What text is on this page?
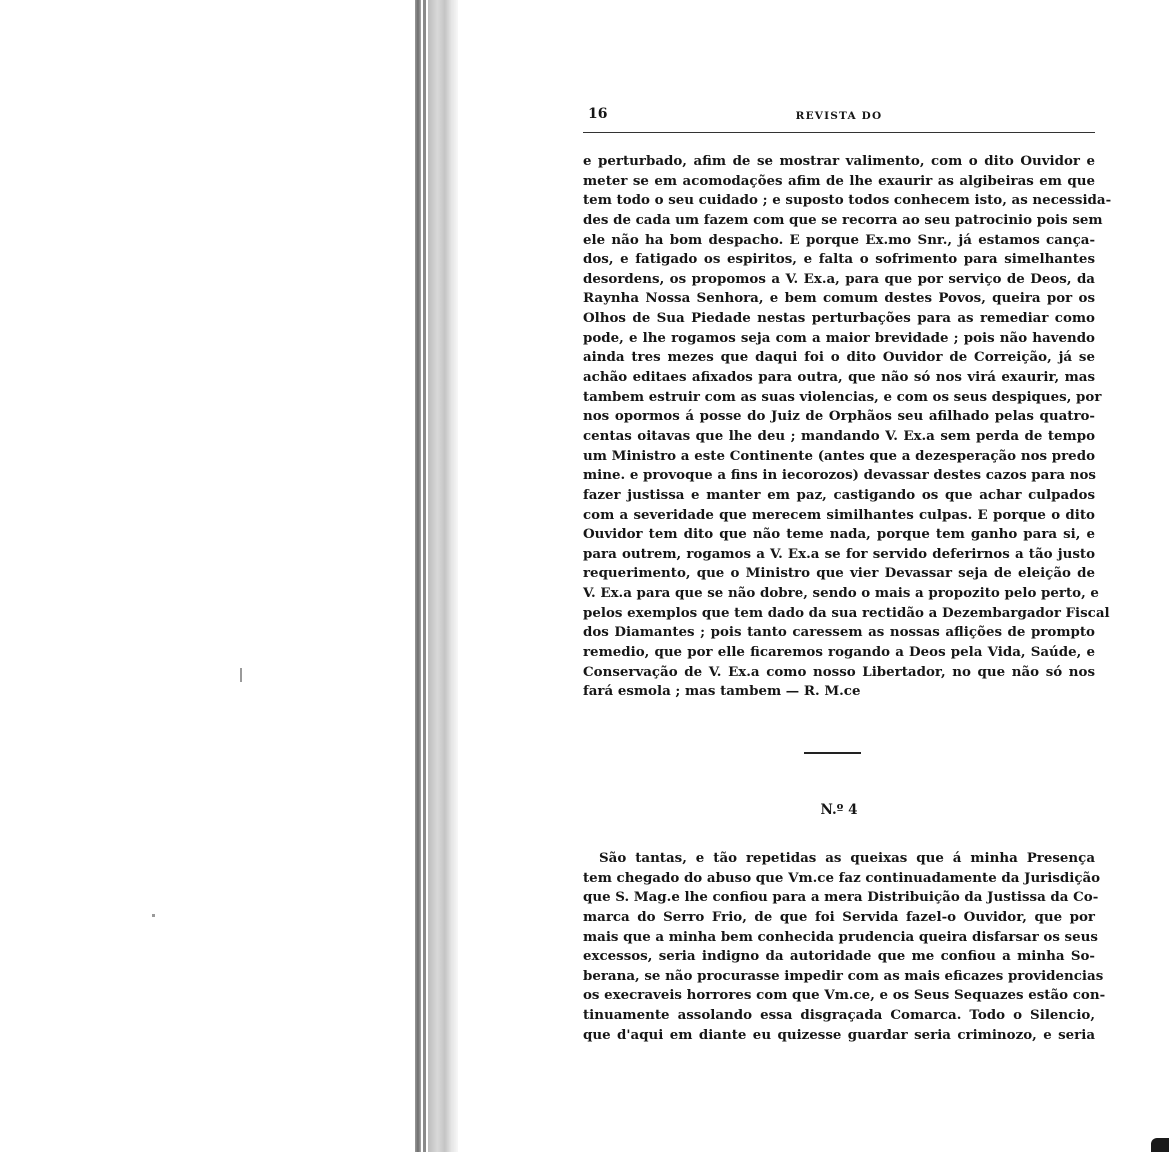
16	REVISTA DO
e perturbado, afim de se mostrar valimento, com o dito Ouvidor e
meter se em acomodações afim de lhe exaurir as algibeiras em que
tem todo o seu cuidado ; e suposto todos conhecem isto, as necessida-
des de cada um fazem com que se recorra ao seu patrocinio pois sem
ele não ha bom despacho. E porque Ex.mo Snr., já estamos cança-
dos, e fatigado os espiritos, e falta o sofrimento para simelhantes
desordens, os propomos a V. Ex.a, para que por serviço de Deos, da
Raynha Nossa Senhora, e bem comum destes Povos, queira por os
Olhos de Sua Piedade nestas perturbações para as remediar como
pode, e lhe rogamos seja com a maior brevidade ; pois não havendo
ainda tres mezes que daqui foi o dito Ouvidor de Correição, já se
achão editaes afixados para outra, que não só nos virá exaurir, mas
tambem estruir com as suas violencias, e com os seus despiques, por
nos opormos á posse do Juiz de Orphãos seu afilhado pelas quatro-
centas oitavas que lhe deu ; mandando V. Ex.a sem perda de tempo
um Ministro a este Continente (antes que a dezesperação nos predo
mine. e provoque a fins in iecorozos) devassar destes cazos para nos
fazer justissa e manter em paz, castigando os que achar culpados
com a severidade que merecem similhantes culpas. E porque o dito
Ouvidor tem dito que não teme nada, porque tem ganho para si, e
para outrem, rogamos a V. Ex.a se for servido deferirnos a tão justo
requerimento, que o Ministro que vier Devassar seja de eleição de
V. Ex.a para que se não dobre, sendo o mais a propozito pelo perto, e
pelos exemplos que tem dado da sua rectidão a Dezembargador Fiscal
dos Diamantes ; pois tanto caressem as nossas aflições de prompto
remedio, que por elle ficaremos rogando a Deos pela Vida, Saúde, e
Conservação de V. Ex.a como nosso Libertador, no que não só nos
fará esmola ; mas tambem — R. M.ce
N.º 4
São tantas, e tão repetidas as queixas que á minha Presença
tem chegado do abuso que Vm.ce faz continuadamente da Jurisdição
que S. Mag.e lhe confiou para a mera Distribuição da Justissa da Co-
marca do Serro Frio, de que foi Servida fazel-o Ouvidor, que por
mais que a minha bem conhecida prudencia queira disfarsar os seus
excessos, seria indigno da autoridade que me confiou a minha So-
berana, se não procurasse impedir com as mais eficazes providencias
os execraveis horrores com que Vm.ce, e os Seus Sequazes estão con-
tinuamente assolando essa disgraçada Comarca. Todo o Silencio,
que d'aqui em diante eu quizesse guardar seria criminozo, e seria
